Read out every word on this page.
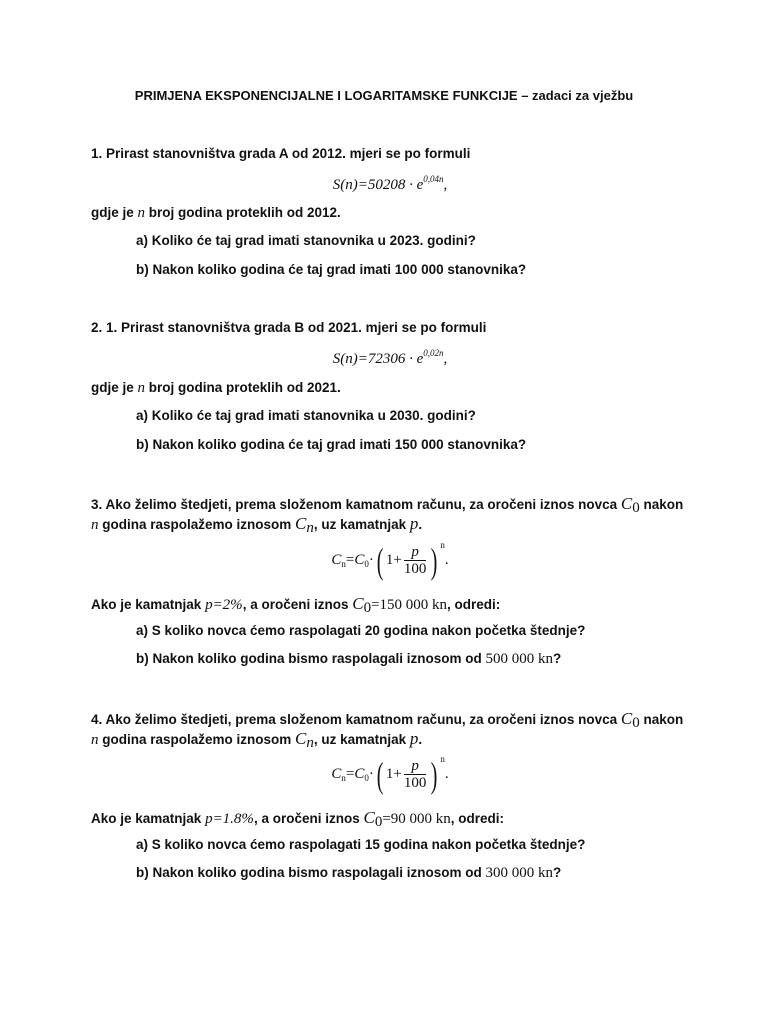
PRIMJENA EKSPONENCIJALNE I LOGARITAMSKE FUNKCIJE – zadaci za vježbu
1. Prirast stanovništva grada A od 2012. mjeri se po formuli
$S(n)=50208 \cdot e^{0,04n}$,
gdje je n broj godina proteklih od 2012.
a) Koliko će taj grad imati stanovnika u 2023. godini?
b) Nakon koliko godina će taj grad imati 100 000 stanovnika?
2. 1. Prirast stanovništva grada B od 2021. mjeri se po formuli
$S(n)=72306 \cdot e^{0,02n}$,
gdje je n broj godina proteklih od 2021.
a) Koliko će taj grad imati stanovnika u 2030. godini?
b) Nakon koliko godina će taj grad imati 150 000 stanovnika?
3. Ako želimo štedjeti, prema složenom kamatnom računu, za oročeni iznos novca $C_0$ nakon
n godina raspolažemo iznosom $C_n$, uz kamatnjak p.
$C_n=C_0\cdot$( $1+ \frac{p}{100}$ ) $^n$.
Ako je kamatnjak p=2%, a oročeni iznos $C_0=150$ 000 kn, odredi:
a) S koliko novca ćemo raspolagati 20 godina nakon početka štednje?
b) Nakon koliko godina bismo raspolagali iznosom od 500 000 kn?
4. Ako želimo štedjeti, prema složenom kamatnom računu, za oročeni iznos novca $C_0$ nakon
n godina raspolažemo iznosom $C_n$, uz kamatnjak p.
$C_n=C_0\cdot$( $1+ \frac{p}{100}$ ) $^n$.
Ako je kamatnjak p=1.8%, a oročeni iznos $C_0=90$ 000 kn, odredi:
a) S koliko novca ćemo raspolagati 15 godina nakon početka štednje?
b) Nakon koliko godina bismo raspolagali iznosom od 300 000 kn?
